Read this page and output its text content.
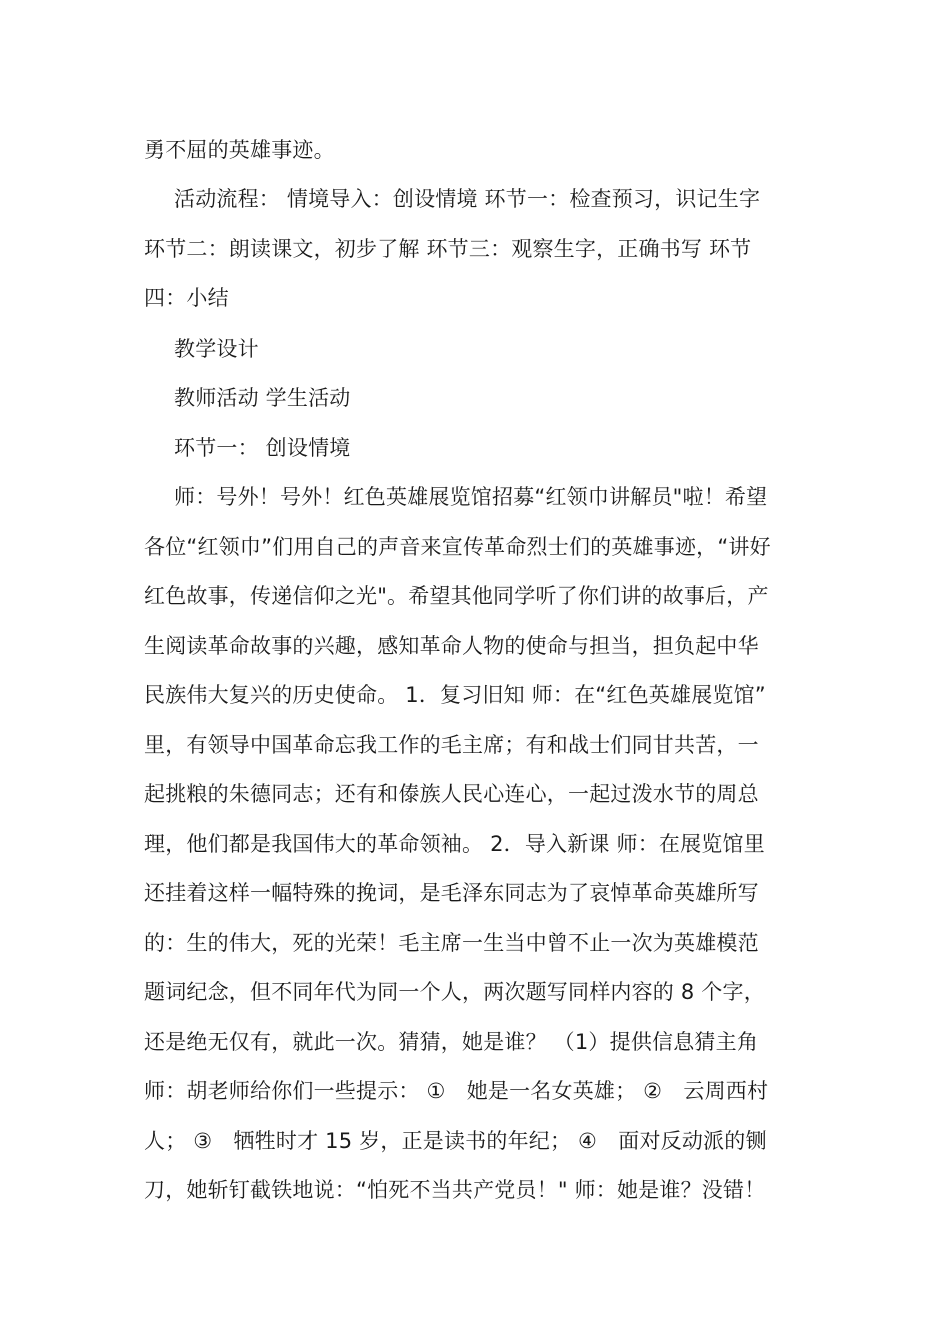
勇不屈的英雄事迹。
活动流程： 情境导入：创设情境 环节一：检查预习，识记生字
环节二：朗读课文，初步了解 环节三：观察生字，正确书写 环节
四：小结
教学设计
教师活动 学生活动
环节一： 创设情境
师：号外！号外！红色英雄展览馆招募“红领巾讲解员"啦！希望
各位“红领巾”们用自己的声音来宣传革命烈士们的英雄事迹，“讲好
红色故事，传递信仰之光"。希望其他同学听了你们讲的故事后，产
生阅读革命故事的兴趣，感知革命人物的使命与担当，担负起中华
民族伟大复兴的历史使命。 1．复习旧知 师：在“红色英雄展览馆”
里，有领导中国革命忘我工作的毛主席；有和战士们同甘共苦，一
起挑粮的朱德同志；还有和傣族人民心连心，一起过泼水节的周总
理，他们都是我国伟大的革命领袖。 2．导入新课 师：在展览馆里
还挂着这样一幅特殊的挽词，是毛泽东同志为了哀悼革命英雄所写
的：生的伟大，死的光荣！毛主席一生当中曾不止一次为英雄模范
题词纪念，但不同年代为同一个人，两次题写同样内容的 8 个字，
还是绝无仅有，就此一次。猜猜，她是谁？ （1）提供信息猜主角
师：胡老师给你们一些提示： ①　她是一名女英雄； ②　云周西村
人； ③　牺牲时才 15 岁，正是读书的年纪； ④　面对反动派的铡
刀，她斩钉截铁地说：“怕死不当共产党员！" 师：她是谁？没错！
